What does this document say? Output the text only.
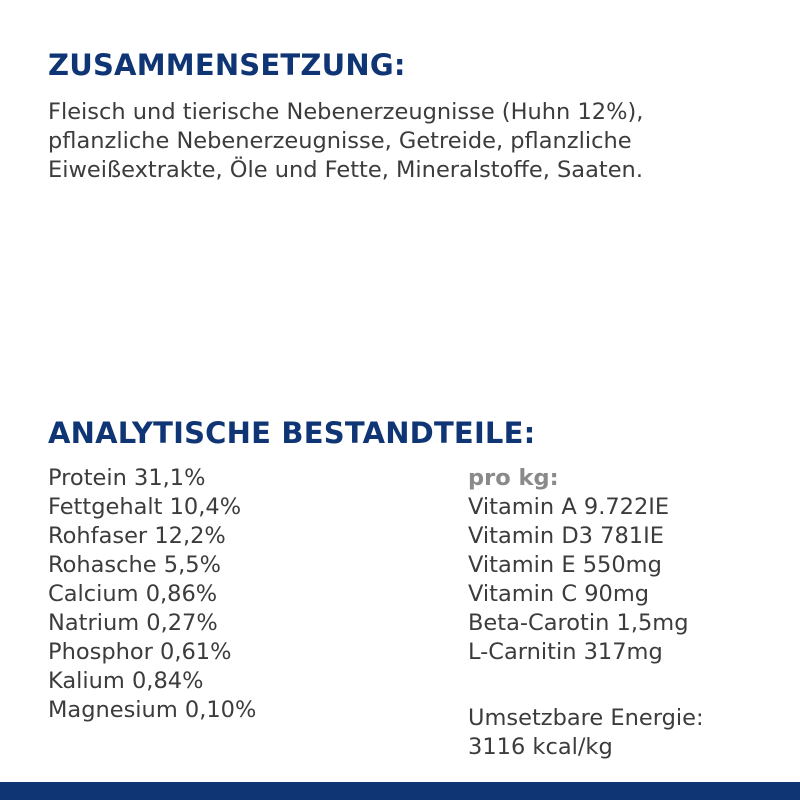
ZUSAMMENSETZUNG:

Fleisch und tierische Nebenerzeugnisse (Huhn 12%),
pflanzliche Nebenerzeugnisse, Getreide, pflanzliche
Eiweißextrakte, Öle und Fette, Mineralstoffe, Saaten.

ANALYTISCHE BESTANDTEILE:
Protein 31,1%
Fettgehalt 10,4%
Rohfaser 12,2%
Rohasche 5,5%
Calcium 0,86%
Natrium 0,27%
Phosphor 0,61%
Kalium 0,84%
Magnesium 0,10%
pro kg:
Vitamin A 9.722IE
Vitamin D3 781IE
Vitamin E 550mg
Vitamin C 90mg
Beta-Carotin 1,5mg
L-Carnitin 317mg

Umsetzbare Energie:
3116 kcal/kg
